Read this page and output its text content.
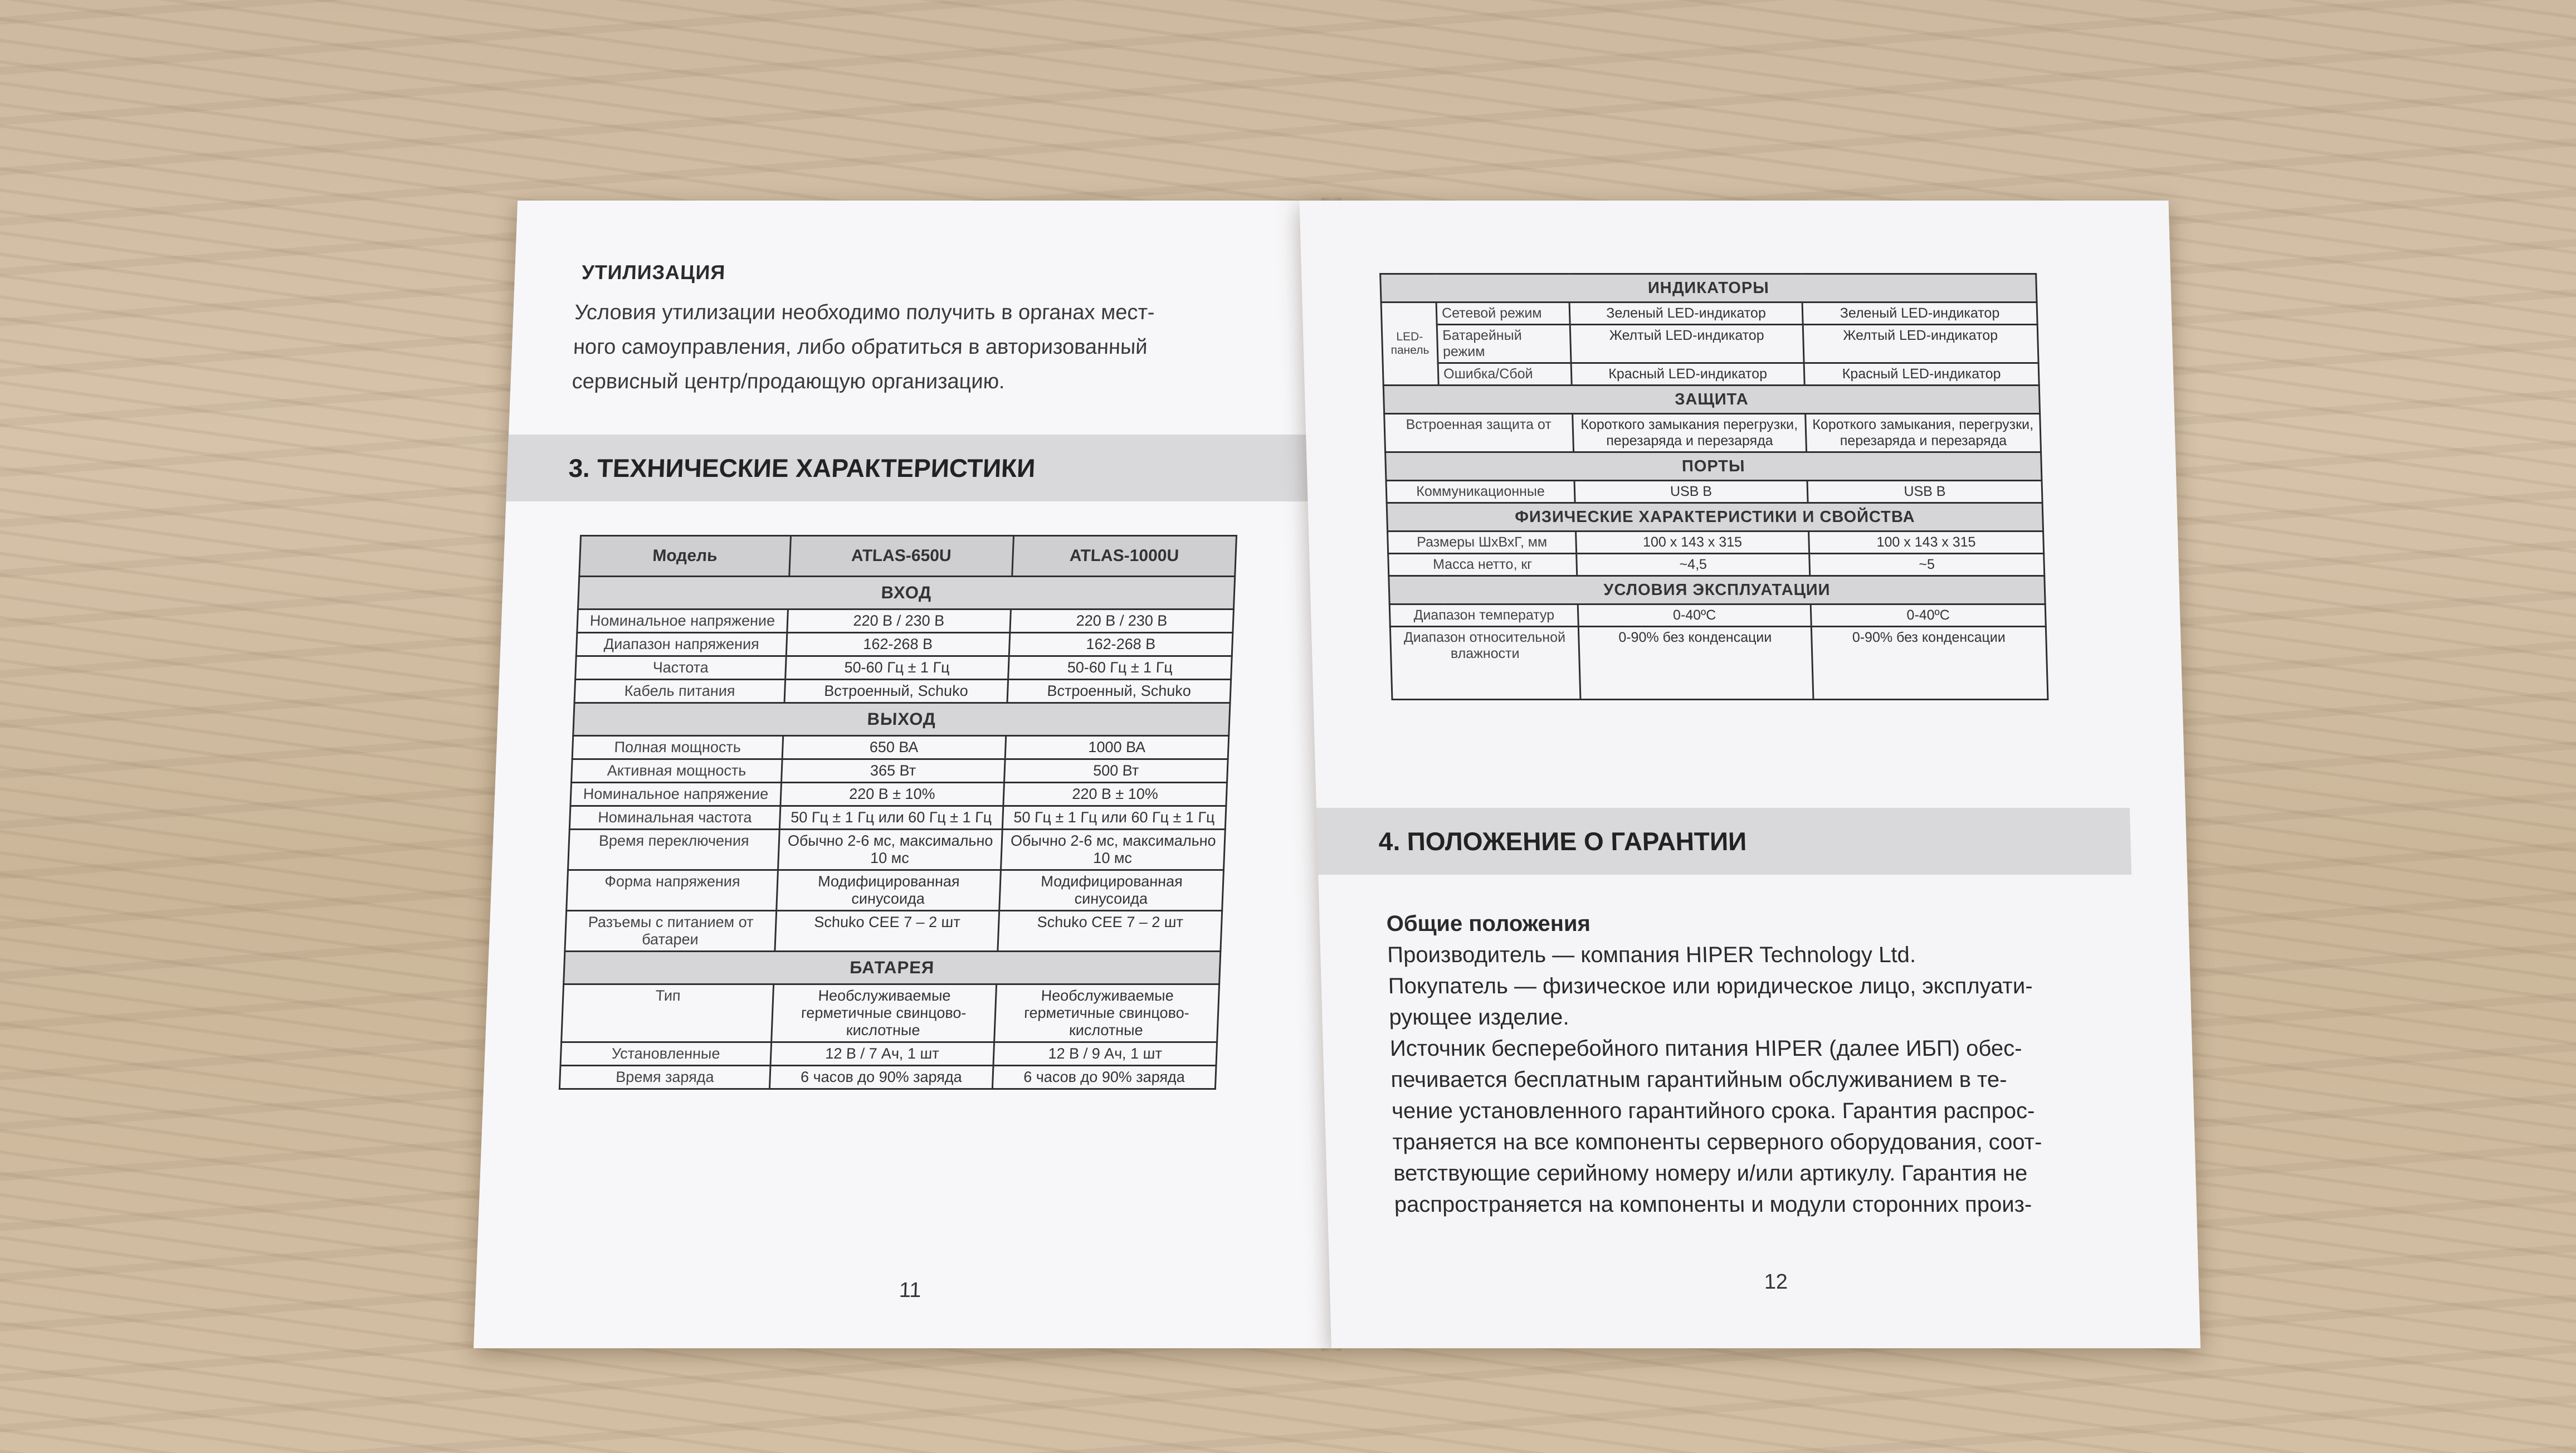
УТИЛИЗАЦИЯ
Условия утилизации необходимо получить в органах мест-
ного самоуправления, либо обратиться в авторизованный
сервисный центр/продающую организацию.
3. ТЕХНИЧЕСКИЕ ХАРАКТЕРИСТИКИ
Модель	ATLAS-650U	ATLAS-1000U
ВХОД		
Номинальное напряжение	220 В / 230 В	220 В / 230 В
Диапазон напряжения	162-268 В	162-268 В
Частота	50-60 Гц ± 1 Гц	50-60 Гц ± 1 Гц
Кабель питания	Встроенный, Schuko	Встроенный, Schuko
ВЫХОД		
Полная мощность	650 ВА	1000 ВА
Активная мощность	365 Вт	500 Вт
Номинальное напряжение	220 В ± 10%	220 В ± 10%
Номинальная частота	50 Гц ± 1 Гц или 60 Гц ± 1 Гц	50 Гц ± 1 Гц или 60 Гц ± 1 Гц
Время переключения	Обычно 2-6 мс, максимально 10 мс	Обычно 2-6 мс, максимально 10 мс
Форма напряжения	Модифицированная синусоида	Модифицированная синусоида
Разъемы с питанием от батареи	Schuko CEE 7 – 2 шт	Schuko CEE 7 – 2 шт
БАТАРЕЯ		
Тип	Необслуживаемые герметичные свинцово-кислотные	Необслуживаемые герметичные свинцово-кислотные
Установленные	12 В / 7 Ач, 1 шт	12 В / 9 Ач, 1 шт
Время заряда	6 часов до 90% заряда	6 часов до 90% заряда
11
ИНДИКАТОРЫ			
LED-панель	Сетевой режим	Зеленый LED-индикатор	Зеленый LED-индикатор
	Батарейный режим	Желтый LED-индикатор	Желтый LED-индикатор
	Ошибка/Сбой	Красный LED-индикатор	Красный LED-индикатор
ЗАЩИТА			
Встроенная защита от		Короткого замыкания перегрузки, перезаряда и перезаряда	Короткого замыкания, перегрузки, перезаряда и перезаряда
ПОРТЫ			
Коммуникационные		USB B	USB B
ФИЗИЧЕСКИЕ ХАРАКТЕРИСТИКИ И СВОЙСТВА			
Размеры ШхВхГ, мм		100 x 143 x 315	100 x 143 x 315
Масса нетто, кг		~4,5	~5
УСЛОВИЯ ЭКСПЛУАТАЦИИ			
Диапазон температур		0-40ºС	0-40ºС
Диапазон относительной влажности		0-90% без конденсации	0-90% без конденсации
4. ПОЛОЖЕНИЕ О ГАРАНТИИ
Общие положения
Производитель — компания HIPER Technology Ltd.
Покупатель — физическое или юридическое лицо, эксплуати-
рующее изделие.
Источник бесперебойного питания HIPER (далее ИБП) обес-
печивается бесплатным гарантийным обслуживанием в те-
чение установленного гарантийного срока. Гарантия распрос-
траняется на все компоненты серверного оборудования, соот-
ветствующие серийному номеру и/или артикулу. Гарантия не
распространяется на компоненты и модули сторонних произ-
12
